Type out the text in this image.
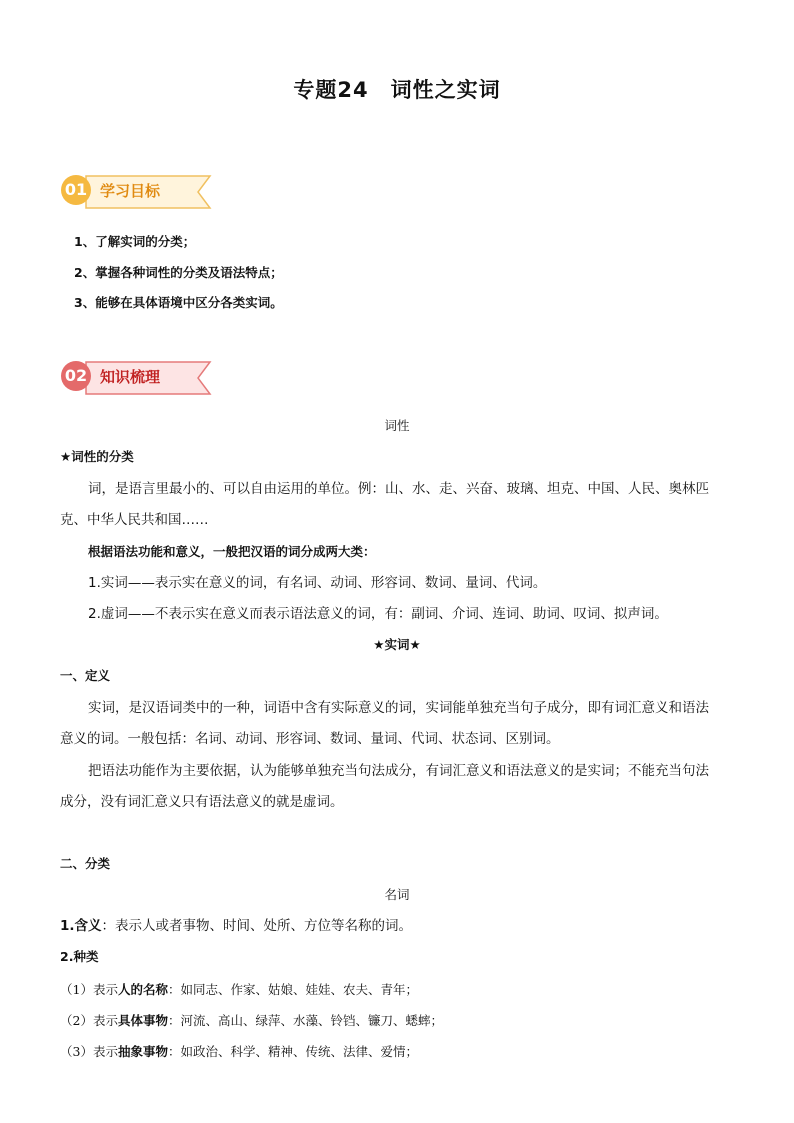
专题24　词性之实词
01 学习目标
1、了解实词的分类；
2、掌握各种词性的分类及语法特点；
3、能够在具体语境中区分各类实词。
02 知识梳理
词性
★词性的分类
词，是语言里最小的、可以自由运用的单位。例：山、水、走、兴奋、玻璃、坦克、中国、人民、奥林匹
克、中华人民共和国……
根据语法功能和意义，一般把汉语的词分成两大类：
1.实词——表示实在意义的词，有名词、动词、形容词、数词、量词、代词。
2.虚词——不表示实在意义而表示语法意义的词，有：副词、介词、连词、助词、叹词、拟声词。
★实词★
一、定义
实词，是汉语词类中的一种，词语中含有实际意义的词，实词能单独充当句子成分，即有词汇意义和语法
意义的词。一般包括：名词、动词、形容词、数词、量词、代词、状态词、区别词。
把语法功能作为主要依据，认为能够单独充当句法成分，有词汇意义和语法意义的是实词；不能充当句法
成分，没有词汇意义只有语法意义的就是虚词。
二、分类
名词
1.含义：表示人或者事物、时间、处所、方位等名称的词。
2.种类
（1）表示人的名称：如同志、作家、姑娘、娃娃、农夫、青年；
（2）表示具体事物：河流、高山、绿萍、水藻、铃铛、镰刀、蟋蟀；
（3）表示抽象事物：如政治、科学、精神、传统、法律、爱情；
